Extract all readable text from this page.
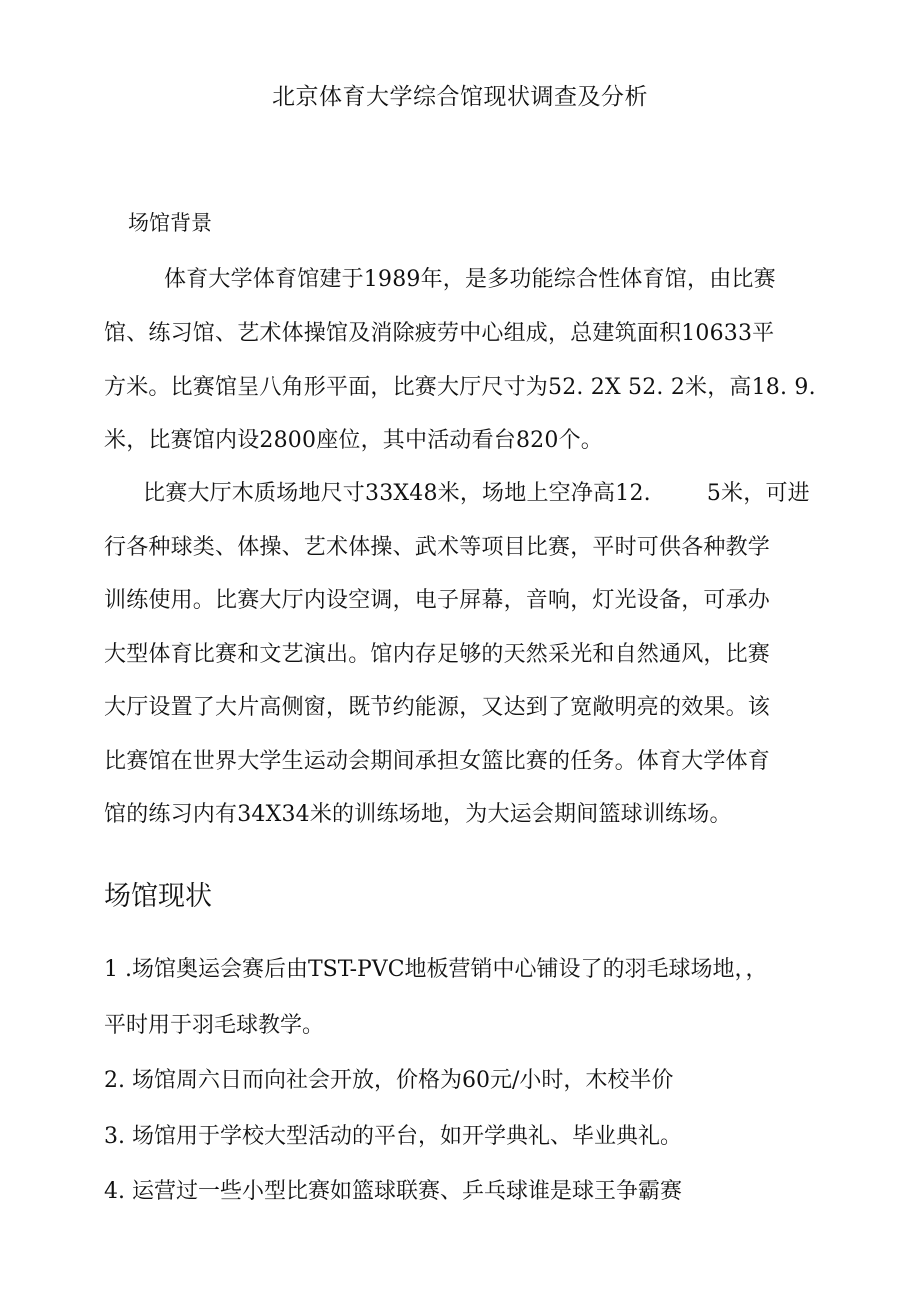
北京体育大学综合馆现状调查及分析
场馆背景
体育大学体育馆建于1989年，是多功能综合性体育馆，由比赛
馆、练习馆、艺术体操馆及消除疲劳中心组成，总建筑面积10633平
方米。比赛馆呈八角形平面，比赛大厅尺寸为52. 2X 52. 2米，高18. 9.
米，比赛馆内设2800座位，其中活动看台820个。
比赛大厅木质场地尺寸33X48米，场地上空净高12.	5米，可进
行各种球类、体操、艺术体操、武术等项目比赛，平时可供各种教学
训练使用。比赛大厅内设空调，电子屏幕，音响，灯光设备，可承办
大型体育比赛和文艺演出。馆内存足够的天然采光和自然通风，比赛
大厅设置了大片高侧窗，既节约能源，又达到了宽敞明亮的效果。该
比赛馆在世界大学生运动会期间承担女篮比赛的任务。体育大学体育
馆的练习内有34X34米的训练场地，为大运会期间篮球训练场。
场馆现状
1 .场馆奥运会赛后由TST-PVC地板营销中心铺设了的羽毛球场地，，
平时用于羽毛球教学。
2. 场馆周六日而向社会开放，价格为60元/小时，木校半价
3. 场馆用于学校大型活动的平台，如开学典礼、毕业典礼。
4. 运营过一些小型比赛如篮球联赛、乒乓球谁是球王争霸赛
